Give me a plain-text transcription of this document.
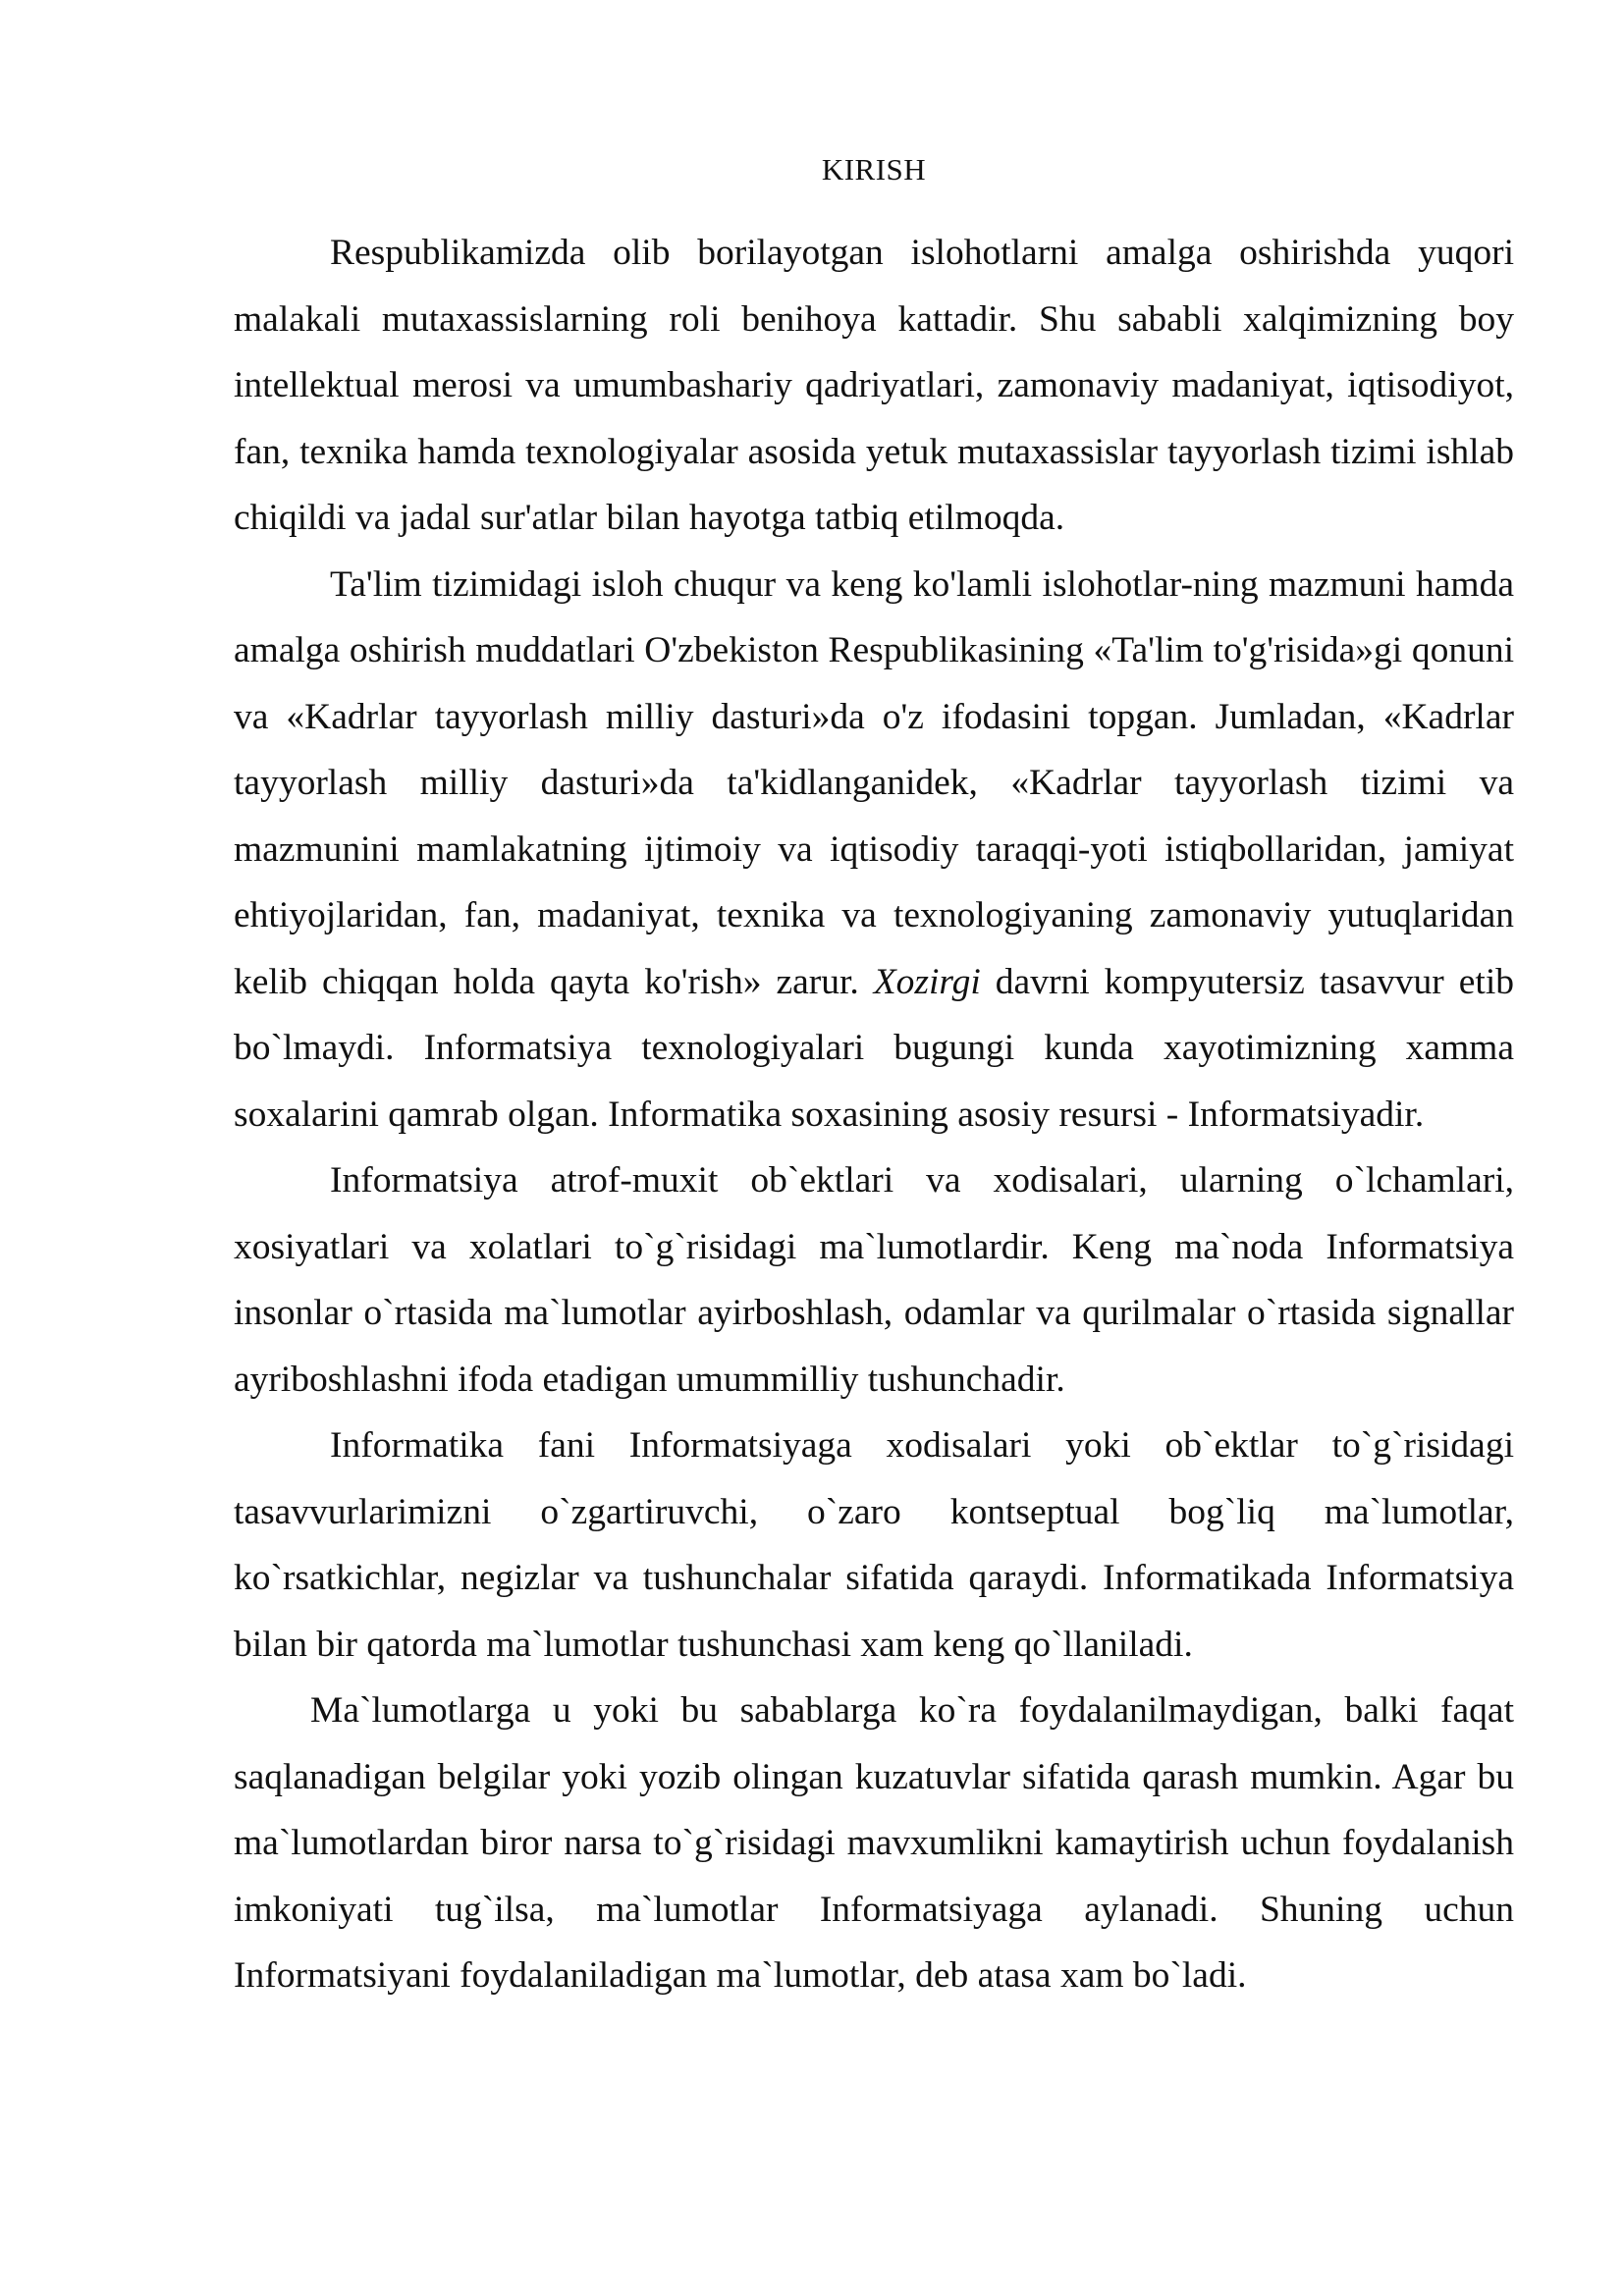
KIRISH

Respublikamizda olib borilayotgan islohotlarni amalga oshirishda yuqori malakali mutaxassislarning roli benihoya kattadir. Shu sababli xalqimizning boy intellektual merosi va umumbashariy qadriyatlari, zamonaviy madaniyat, iqtisodiyot, fan, texnika hamda texnologiyalar asosida yetuk mutaxassislar tayyorlash tizimi ishlab chiqildi va jadal sur'atlar bilan hayotga tatbiq etilmoqda.

Ta'lim tizimidagi isloh chuqur va keng ko'lamli islohotlar-ning mazmuni hamda amalga oshirish muddatlari O'zbekiston Respublikasining «Ta'lim to'g'risida»gi qonuni va «Kadrlar tayyorlash milliy dasturi»da o'z ifodasini topgan. Jumladan, «Kadrlar tayyorlash milliy dasturi»da ta'kidlanganidek, «Kadrlar tayyorlash tizimi va mazmunini mamlakatning ijtimoiy va iqtisodiy taraqqi-yoti istiqbollaridan, jamiyat ehtiyojlaridan, fan, madaniyat, texnika va texnologiyaning zamonaviy yutuqlaridan kelib chiqqan holda qayta ko'rish» zarur. Xozirgi davrni kompyutersiz tasavvur etib bo`lmaydi. Informatsiya texnologiyalari bugungi kunda xayotimizning xamma soxalarini qamrab olgan. Informatika soxasining asosiy resursi - Informatsiyadir.

Informatsiya atrof-muxit ob`ektlari va xodisalari, ularning o`lchamlari, xosiyatlari va xolatlari to`g`risidagi ma`lumotlardir. Keng ma`noda Informatsiya insonlar o`rtasida ma`lumotlar ayirboshlash, odamlar va qurilmalar o`rtasida signallar ayriboshlashni ifoda etadigan umummilliy tushunchadir.

Informatika fani Informatsiyaga xodisalari yoki ob`ektlar to`g`risidagi tasavvurlarimizni o`zgartiruvchi, o`zaro kontseptual bog`liq ma`lumotlar, ko`rsatkichlar, negizlar va tushunchalar sifatida qaraydi. Informatikada Informatsiya bilan bir qatorda ma`lumotlar tushunchasi xam keng qo`llaniladi.

Ma`lumotlarga u yoki bu sabablarga ko`ra foydalanilmaydigan, balki faqat saqlanadigan belgilar yoki yozib olingan kuzatuvlar sifatida qarash mumkin. Agar bu ma`lumotlardan biror narsa to`g`risidagi mavxumlikni kamaytirish uchun foydalanish imkoniyati tug`ilsa, ma`lumotlar Informatsiyaga aylanadi. Shuning uchun Informatsiyani foydalaniladigan ma`lumotlar, deb atasa xam bo`ladi.
